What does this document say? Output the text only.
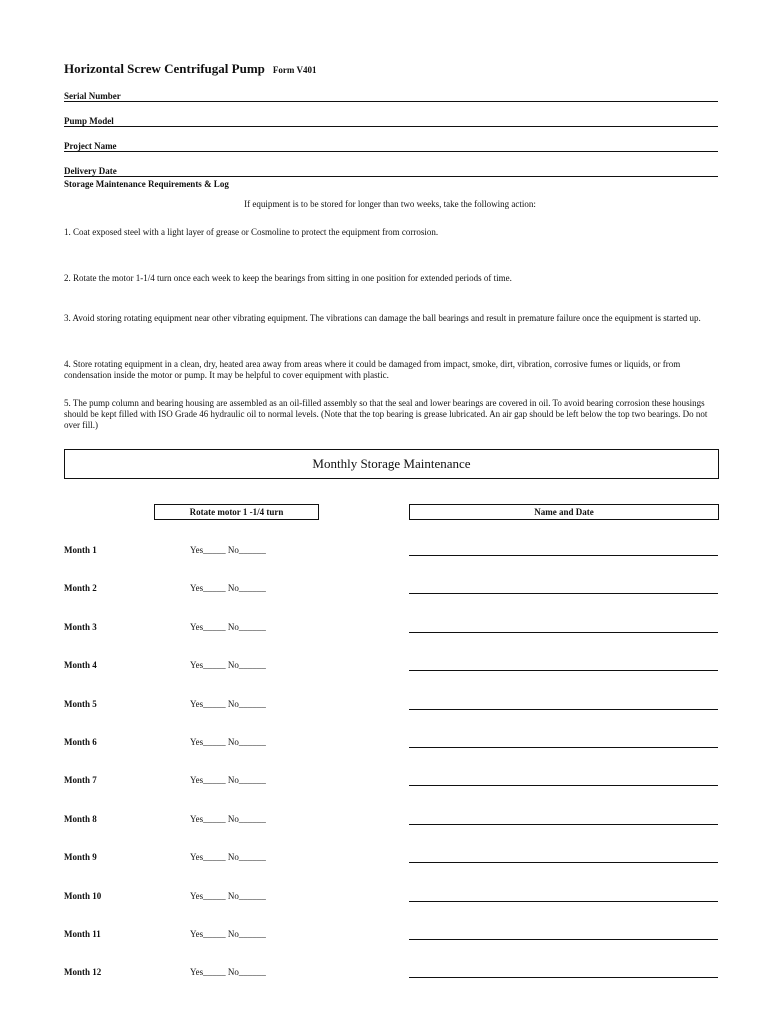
Horizontal Screw Centrifugal Pump Form V401
Serial Number
Pump Model
Project Name
Delivery Date
Storage Maintenance Requirements & Log
If equipment is to be stored for longer than two weeks, take the following action:
1. Coat exposed steel with a light layer of grease or Cosmoline to protect the equipment from corrosion.
2. Rotate the motor 1-1/4 turn once each week to keep the bearings from sitting in one position for extended periods of time.
3. Avoid storing rotating equipment near other vibrating equipment. The vibrations can damage the ball bearings and result in premature failure once the equipment is started up.
4. Store rotating equipment in a clean, dry, heated area away from areas where it could be damaged from impact, smoke, dirt, vibration, corrosive fumes or liquids, or from condensation inside the motor or pump. It may be helpful to cover equipment with plastic.
5. The pump column and bearing housing are assembled as an oil-filled assembly so that the seal and lower bearings are covered in oil. To avoid bearing corrosion these housings should be kept filled with ISO Grade 46 hydraulic oil to normal levels. (Note that the top bearing is grease lubricated. An air gap should be left below the top two bearings. Do not over fill.)
Monthly Storage Maintenance
Rotate motor 1 -1/4 turn	Name and Date
Month 1	Yes_____ No______
Month 2	Yes_____ No______
Month 3	Yes_____ No______
Month 4	Yes_____ No______
Month 5	Yes_____ No______
Month 6	Yes_____ No______
Month 7	Yes_____ No______
Month 8	Yes_____ No______
Month 9	Yes_____ No______
Month 10	Yes_____ No______
Month 11	Yes_____ No______
Month 12	Yes_____ No______
